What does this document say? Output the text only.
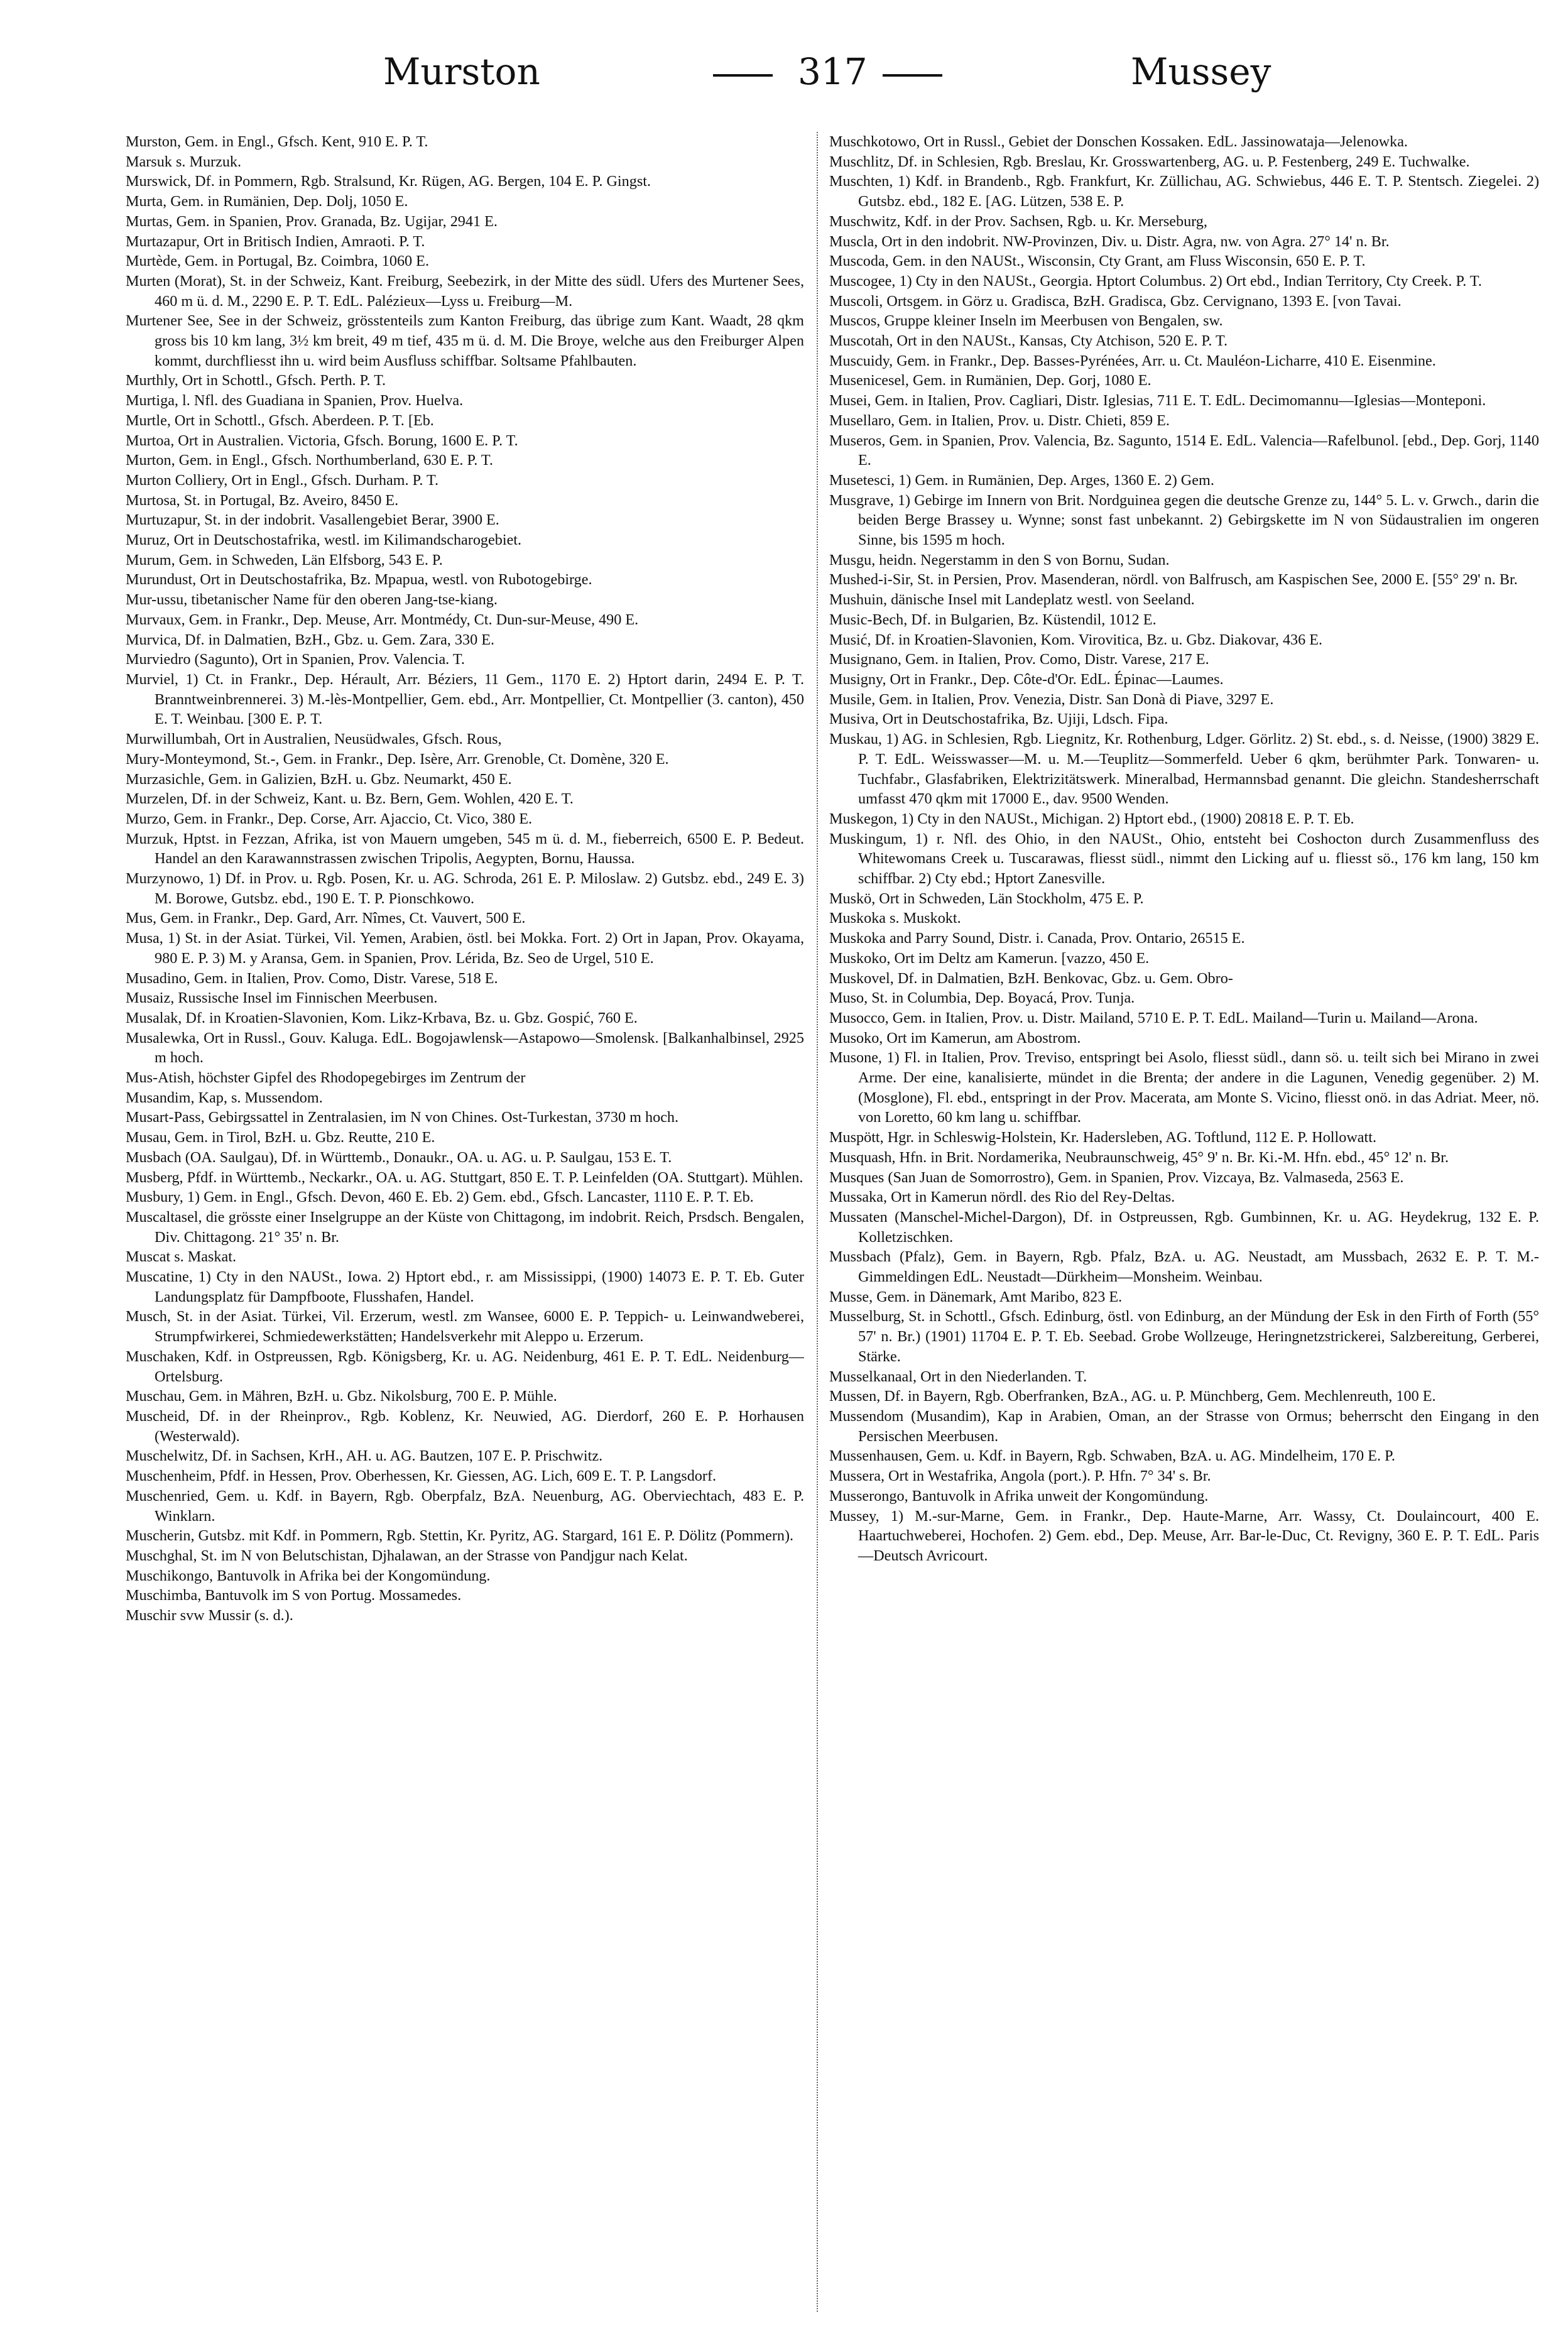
Murston	317	Mussey

Murston, Gem. in Engl., Gfsch. Kent, 910 E. P. T.

Marsuk s. Murzuk.

Murswick, Df. in Pommern, Rgb. Stralsund, Kr. Rügen, AG. Bergen, 104 E. P. Gingst.

Murta, Gem. in Rumänien, Dep. Dolj, 1050 E.

Murtas, Gem. in Spanien, Prov. Granada, Bz. Ugijar, 2941 E.

Murtazapur, Ort in Britisch Indien, Amraoti. P. T.

Murtède, Gem. in Portugal, Bz. Coimbra, 1060 E.

Murten (Morat), St. in der Schweiz, Kant. Freiburg, Seebezirk, in der Mitte des südl. Ufers des Murtener Sees, 460 m ü. d. M., 2290 E. P. T. EdL. Palézieux—Lyss u. Freiburg—M.

Murtener See, See in der Schweiz, grösstenteils zum Kanton Freiburg, das übrige zum Kant. Waadt, 28 qkm gross bis 10 km lang, 3½ km breit, 49 m tief, 435 m ü. d. M. Die Broye, welche aus den Freiburger Alpen kommt, durchfliesst ihn u. wird beim Ausfluss schiffbar. Soltsame Pfahlbauten.

Murthly, Ort in Schottl., Gfsch. Perth. P. T.

Murtiga, l. Nfl. des Guadiana in Spanien, Prov. Huelva.

Murtle, Ort in Schottl., Gfsch. Aberdeen. P. T. [Eb.

Murtoa, Ort in Australien. Victoria, Gfsch. Borung, 1600 E. P. T.

Murton, Gem. in Engl., Gfsch. Northumberland, 630 E. P. T.

Murton Colliery, Ort in Engl., Gfsch. Durham. P. T.

Murtosa, St. in Portugal, Bz. Aveiro, 8450 E.

Murtuzapur, St. in der indobrit. Vasallengebiet Berar, 3900 E.

Muruz, Ort in Deutschostafrika, westl. im Kilimandscharogebiet.

Murum, Gem. in Schweden, Län Elfsborg, 543 E. P.

Murundust, Ort in Deutschostafrika, Bz. Mpapua, westl. von Rubotogebirge.

Mur-ussu, tibetanischer Name für den oberen Jang-tse-kiang.

Murvaux, Gem. in Frankr., Dep. Meuse, Arr. Montmédy, Ct. Dun-sur-Meuse, 490 E.

Murvica, Df. in Dalmatien, BzH., Gbz. u. Gem. Zara, 330 E.

Murviedro (Sagunto), Ort in Spanien, Prov. Valencia. T.

Murviel, 1) Ct. in Frankr., Dep. Hérault, Arr. Béziers, 11 Gem., 1170 E. 2) Hptort darin, 2494 E. P. T. Branntweinbrennerei. 3) M.-lès-Montpellier, Gem. ebd., Arr. Montpellier, Ct. Montpellier (3. canton), 450 E. T. Weinbau. [300 E. P. T.

Murwillumbah, Ort in Australien, Neusüdwales, Gfsch. Rous,

Mury-Monteymond, St.-, Gem. in Frankr., Dep. Isère, Arr. Grenoble, Ct. Domène, 320 E.

Murzasichle, Gem. in Galizien, BzH. u. Gbz. Neumarkt, 450 E.

Murzelen, Df. in der Schweiz, Kant. u. Bz. Bern, Gem. Wohlen, 420 E. T.

Murzo, Gem. in Frankr., Dep. Corse, Arr. Ajaccio, Ct. Vico, 380 E.

Murzuk, Hptst. in Fezzan, Afrika, ist von Mauern umgeben, 545 m ü. d. M., fieberreich, 6500 E. P. Bedeut. Handel an den Karawannstrassen zwischen Tripolis, Aegypten, Bornu, Haussa.

Murzynowo, 1) Df. in Prov. u. Rgb. Posen, Kr. u. AG. Schroda, 261 E. P. Miloslaw. 2) Gutsbz. ebd., 249 E. 3) M. Borowe, Gutsbz. ebd., 190 E. T. P. Pionschkowo.

Mus, Gem. in Frankr., Dep. Gard, Arr. Nîmes, Ct. Vauvert, 500 E.

Musa, 1) St. in der Asiat. Türkei, Vil. Yemen, Arabien, östl. bei Mokka. Fort. 2) Ort in Japan, Prov. Okayama, 980 E. P. 3) M. y Aransa, Gem. in Spanien, Prov. Lérida, Bz. Seo de Urgel, 510 E.

Musadino, Gem. in Italien, Prov. Como, Distr. Varese, 518 E.

Musaiz, Russische Insel im Finnischen Meerbusen.

Musalak, Df. in Kroatien-Slavonien, Kom. Likz-Krbava, Bz. u. Gbz. Gospić, 760 E.

Musalewka, Ort in Russl., Gouv. Kaluga. EdL. Bogojawlensk—Astapowo—Smolensk. [Balkanhalbinsel, 2925 m hoch.

Mus-Atish, höchster Gipfel des Rhodopegebirges im Zentrum der

Musandim, Kap, s. Mussendom.

Musart-Pass, Gebirgssattel in Zentralasien, im N von Chines. Ost-Turkestan, 3730 m hoch.

Musau, Gem. in Tirol, BzH. u. Gbz. Reutte, 210 E.

Musbach (OA. Saulgau), Df. in Württemb., Donaukr., OA. u. AG. u. P. Saulgau, 153 E. T.

Musberg, Pfdf. in Württemb., Neckarkr., OA. u. AG. Stuttgart, 850 E. T. P. Leinfelden (OA. Stuttgart). Mühlen.

Musbury, 1) Gem. in Engl., Gfsch. Devon, 460 E. Eb. 2) Gem. ebd., Gfsch. Lancaster, 1110 E. P. T. Eb.

Muscaltasel, die grösste einer Inselgruppe an der Küste von Chittagong, im indobrit. Reich, Prsdsch. Bengalen, Div. Chittagong. 21° 35' n. Br.

Muscat s. Maskat.

Muscatine, 1) Cty in den NAUSt., Iowa. 2) Hptort ebd., r. am Mississippi, (1900) 14073 E. P. T. Eb. Guter Landungsplatz für Dampfboote, Flusshafen, Handel.

Musch, St. in der Asiat. Türkei, Vil. Erzerum, westl. zm Wansee, 6000 E. P. Teppich- u. Leinwandweberei, Strumpfwirkerei, Schmiedewerkstätten; Handelsverkehr mit Aleppo u. Erzerum.

Muschaken, Kdf. in Ostpreussen, Rgb. Königsberg, Kr. u. AG. Neidenburg, 461 E. P. T. EdL. Neidenburg—Ortelsburg.

Muschau, Gem. in Mähren, BzH. u. Gbz. Nikolsburg, 700 E. P. Mühle.

Muscheid, Df. in der Rheinprov., Rgb. Koblenz, Kr. Neuwied, AG. Dierdorf, 260 E. P. Horhausen (Westerwald).

Muschelwitz, Df. in Sachsen, KrH., AH. u. AG. Bautzen, 107 E. P. Prischwitz.

Muschenheim, Pfdf. in Hessen, Prov. Oberhessen, Kr. Giessen, AG. Lich, 609 E. T. P. Langsdorf.

Muschenried, Gem. u. Kdf. in Bayern, Rgb. Oberpfalz, BzA. Neuenburg, AG. Oberviechtach, 483 E. P. Winklarn.

Muscherin, Gutsbz. mit Kdf. in Pommern, Rgb. Stettin, Kr. Pyritz, AG. Stargard, 161 E. P. Dölitz (Pommern).

Muschghal, St. im N von Belutschistan, Djhalawan, an der Strasse von Pandjgur nach Kelat.

Muschikongo, Bantuvolk in Afrika bei der Kongomündung.

Muschimba, Bantuvolk im S von Portug. Mossamedes.

Muschir svw Mussir (s. d.).

Muschkotowo, Ort in Russl., Gebiet der Donschen Kossaken. EdL. Jassinowataja—Jelenowka.

Muschlitz, Df. in Schlesien, Rgb. Breslau, Kr. Grosswartenberg, AG. u. P. Festenberg, 249 E. Tuchwalke.

Muschten, 1) Kdf. in Brandenb., Rgb. Frankfurt, Kr. Züllichau, AG. Schwiebus, 446 E. T. P. Stentsch. Ziegelei. 2) Gutsbz. ebd., 182 E. [AG. Lützen, 538 E. P.

Muschwitz, Kdf. in der Prov. Sachsen, Rgb. u. Kr. Merseburg,

Muscla, Ort in den indobrit. NW-Provinzen, Div. u. Distr. Agra, nw. von Agra. 27° 14' n. Br.

Muscoda, Gem. in den NAUSt., Wisconsin, Cty Grant, am Fluss Wisconsin, 650 E. P. T.

Muscogee, 1) Cty in den NAUSt., Georgia. Hptort Columbus. 2) Ort ebd., Indian Territory, Cty Creek. P. T.

Muscoli, Ortsgem. in Görz u. Gradisca, BzH. Gradisca, Gbz. Cervignano, 1393 E. [von Tavai.

Muscos, Gruppe kleiner Inseln im Meerbusen von Bengalen, sw.

Muscotah, Ort in den NAUSt., Kansas, Cty Atchison, 520 E. P. T.

Muscuidy, Gem. in Frankr., Dep. Basses-Pyrénées, Arr. u. Ct. Mauléon-Licharre, 410 E. Eisenmine.

Musenicesel, Gem. in Rumänien, Dep. Gorj, 1080 E.

Musei, Gem. in Italien, Prov. Cagliari, Distr. Iglesias, 711 E. T. EdL. Decimomannu—Iglesias—Monteponi.

Musellaro, Gem. in Italien, Prov. u. Distr. Chieti, 859 E.

Museros, Gem. in Spanien, Prov. Valencia, Bz. Sagunto, 1514 E. EdL. Valencia—Rafelbunol. [ebd., Dep. Gorj, 1140 E.

Musetesci, 1) Gem. in Rumänien, Dep. Arges, 1360 E. 2) Gem.

Musgrave, 1) Gebirge im Innern von Brit. Nordguinea gegen die deutsche Grenze zu, 144° 5. L. v. Grwch., darin die beiden Berge Brassey u. Wynne; sonst fast unbekannt. 2) Gebirgskette im N von Südaustralien im ongeren Sinne, bis 1595 m hoch.

Musgu, heidn. Negerstamm in den S von Bornu, Sudan.

Mushed-i-Sir, St. in Persien, Prov. Masenderan, nördl. von Balfrusch, am Kaspischen See, 2000 E. [55° 29' n. Br.

Mushuin, dänische Insel mit Landeplatz westl. von Seeland.

Music-Bech, Df. in Bulgarien, Bz. Küstendil, 1012 E.

Musić, Df. in Kroatien-Slavonien, Kom. Virovitica, Bz. u. Gbz. Diakovar, 436 E.

Musignano, Gem. in Italien, Prov. Como, Distr. Varese, 217 E.

Musigny, Ort in Frankr., Dep. Côte-d'Or. EdL. Épinac—Laumes.

Musile, Gem. in Italien, Prov. Venezia, Distr. San Donà di Piave, 3297 E.

Musiva, Ort in Deutschostafrika, Bz. Ujiji, Ldsch. Fipa.

Muskau, 1) AG. in Schlesien, Rgb. Liegnitz, Kr. Rothenburg, Ldger. Görlitz. 2) St. ebd., s. d. Neisse, (1900) 3829 E. P. T. EdL. Weisswasser—M. u. M.—Teuplitz—Sommerfeld. Ueber 6 qkm, berühmter Park. Tonwaren- u. Tuchfabr., Glasfabriken, Elektrizitätswerk. Mineralbad, Hermannsbad genannt. Die gleichn. Standesherrschaft umfasst 470 qkm mit 17000 E., dav. 9500 Wenden.

Muskegon, 1) Cty in den NAUSt., Michigan. 2) Hptort ebd., (1900) 20818 E. P. T. Eb.

Muskingum, 1) r. Nfl. des Ohio, in den NAUSt., Ohio, entsteht bei Coshocton durch Zusammenfluss des Whitewomans Creek u. Tuscarawas, fliesst südl., nimmt den Licking auf u. fliesst sö., 176 km lang, 150 km schiffbar. 2) Cty ebd.; Hptort Zanesville.

Muskö, Ort in Schweden, Län Stockholm, 475 E. P.

Muskoka s. Muskokt.

Muskoka and Parry Sound, Distr. i. Canada, Prov. Ontario, 26515 E.

Muskoko, Ort im Deltz am Kamerun. [vazzo, 450 E.

Muskovel, Df. in Dalmatien, BzH. Benkovac, Gbz. u. Gem. Obro-

Muso, St. in Columbia, Dep. Boyacá, Prov. Tunja.

Musocco, Gem. in Italien, Prov. u. Distr. Mailand, 5710 E. P. T. EdL. Mailand—Turin u. Mailand—Arona.

Musoko, Ort im Kamerun, am Abostrom.

Musone, 1) Fl. in Italien, Prov. Treviso, entspringt bei Asolo, fliesst südl., dann sö. u. teilt sich bei Mirano in zwei Arme. Der eine, kanalisierte, mündet in die Brenta; der andere in die Lagunen, Venedig gegenüber. 2) M. (Mosglone), Fl. ebd., entspringt in der Prov. Macerata, am Monte S. Vicino, fliesst onö. in das Adriat. Meer, nö. von Loretto, 60 km lang u. schiffbar.

Muspött, Hgr. in Schleswig-Holstein, Kr. Hadersleben, AG. Toftlund, 112 E. P. Hollowatt.

Musquash, Hfn. in Brit. Nordamerika, Neubraunschweig, 45° 9' n. Br. Ki.-M. Hfn. ebd., 45° 12' n. Br.

Musques (San Juan de Somorrostro), Gem. in Spanien, Prov. Vizcaya, Bz. Valmaseda, 2563 E.

Mussaka, Ort in Kamerun nördl. des Rio del Rey-Deltas.

Mussaten (Manschel-Michel-Dargon), Df. in Ostpreussen, Rgb. Gumbinnen, Kr. u. AG. Heydekrug, 132 E. P. Kolletzischken.

Mussbach (Pfalz), Gem. in Bayern, Rgb. Pfalz, BzA. u. AG. Neustadt, am Mussbach, 2632 E. P. T. M.-Gimmeldingen EdL. Neustadt—Dürkheim—Monsheim. Weinbau.

Musse, Gem. in Dänemark, Amt Maribo, 823 E.

Musselburg, St. in Schottl., Gfsch. Edinburg, östl. von Edinburg, an der Mündung der Esk in den Firth of Forth (55° 57' n. Br.) (1901) 11704 E. P. T. Eb. Seebad. Grobe Wollzeuge, Heringnetzstrickerei, Salzbereitung, Gerberei, Stärke.

Musselkanaal, Ort in den Niederlanden. T.

Mussen, Df. in Bayern, Rgb. Oberfranken, BzA., AG. u. P. Münchberg, Gem. Mechlenreuth, 100 E.

Mussendom (Musandim), Kap in Arabien, Oman, an der Strasse von Ormus; beherrscht den Eingang in den Persischen Meerbusen.

Mussenhausen, Gem. u. Kdf. in Bayern, Rgb. Schwaben, BzA. u. AG. Mindelheim, 170 E. P.

Mussera, Ort in Westafrika, Angola (port.). P. Hfn. 7° 34' s. Br.

Musserongo, Bantuvolk in Afrika unweit der Kongomündung.

Mussey, 1) M.-sur-Marne, Gem. in Frankr., Dep. Haute-Marne, Arr. Wassy, Ct. Doulaincourt, 400 E. Haartuchweberei, Hochofen. 2) Gem. ebd., Dep. Meuse, Arr. Bar-le-Duc, Ct. Revigny, 360 E. P. T. EdL. Paris—Deutsch Avricourt.
